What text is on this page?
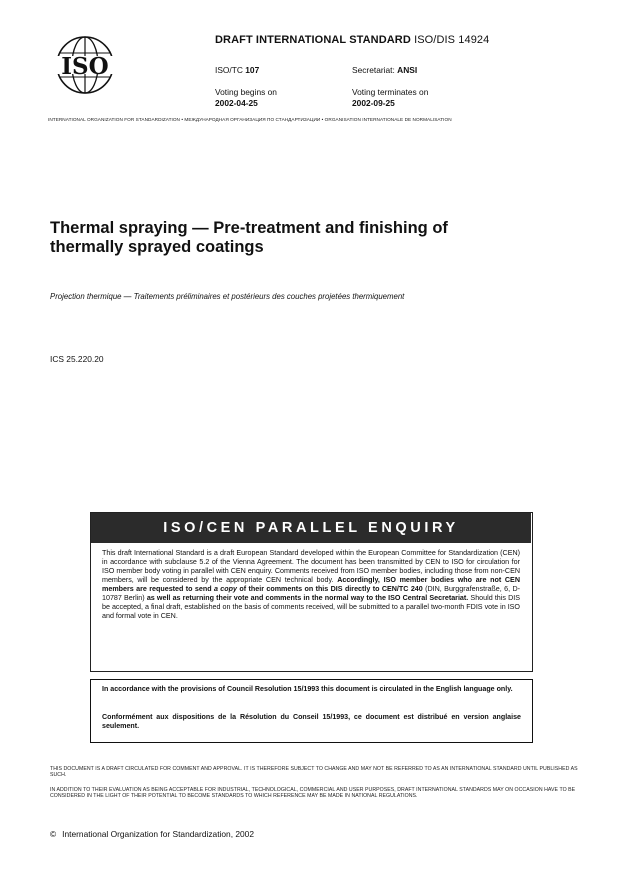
ISO
DRAFT INTERNATIONAL STANDARD ISO/DIS 14924
ISO/TC 107	Secretariat: ANSI
Voting begins on
2002-04-25
Voting terminates on
2002-09-25
INTERNATIONAL ORGANIZATION FOR STANDARDIZATION • МЕЖДУНАРОДНАЯ ОРГАНИЗАЦИЯ ПО СТАНДАРТИЗАЦИИ • ORGANISATION INTERNATIONALE DE NORMALISATION
Thermal spraying — Pre-treatment and finishing of
thermally sprayed coatings
Projection thermique — Traitements préliminaires et postérieurs des couches projetées thermiquement
ICS 25.220.20
ISO/CEN PARALLEL ENQUIRY
This draft International Standard is a draft European Standard developed within the European Committee for Standardization (CEN) in accordance with subclause 5.2 of the Vienna Agreement. The document has been transmitted by CEN to ISO for circulation for ISO member body voting in parallel with CEN enquiry. Comments received from ISO member bodies, including those from non-CEN members, will be considered by the appropriate CEN technical body. Accordingly, ISO member bodies who are not CEN members are requested to send a copy of their comments on this DIS directly to CEN/TC 240 (DIN, Burggrafenstraße, 6, D-10787 Berlin) as well as returning their vote and comments in the normal way to the ISO Central Secretariat. Should this DIS be accepted, a final draft, established on the basis of comments received, will be submitted to a parallel two-month FDIS vote in ISO and formal vote in CEN.
In accordance with the provisions of Council Resolution 15/1993 this document is circulated in the English language only.
Conformément aux dispositions de la Résolution du Conseil 15/1993, ce document est distribué en version anglaise seulement.
THIS DOCUMENT IS A DRAFT CIRCULATED FOR COMMENT AND APPROVAL. IT IS THEREFORE SUBJECT TO CHANGE AND MAY NOT BE REFERRED TO AS AN INTERNATIONAL STANDARD UNTIL PUBLISHED AS SUCH.
IN ADDITION TO THEIR EVALUATION AS BEING ACCEPTABLE FOR INDUSTRIAL, TECHNOLOGICAL, COMMERCIAL AND USER PURPOSES, DRAFT INTERNATIONAL STANDARDS MAY ON OCCASION HAVE TO BE CONSIDERED IN THE LIGHT OF THEIR POTENTIAL TO BECOME STANDARDS TO WHICH REFERENCE MAY BE MADE IN NATIONAL REGULATIONS.
© International Organization for Standardization, 2002
